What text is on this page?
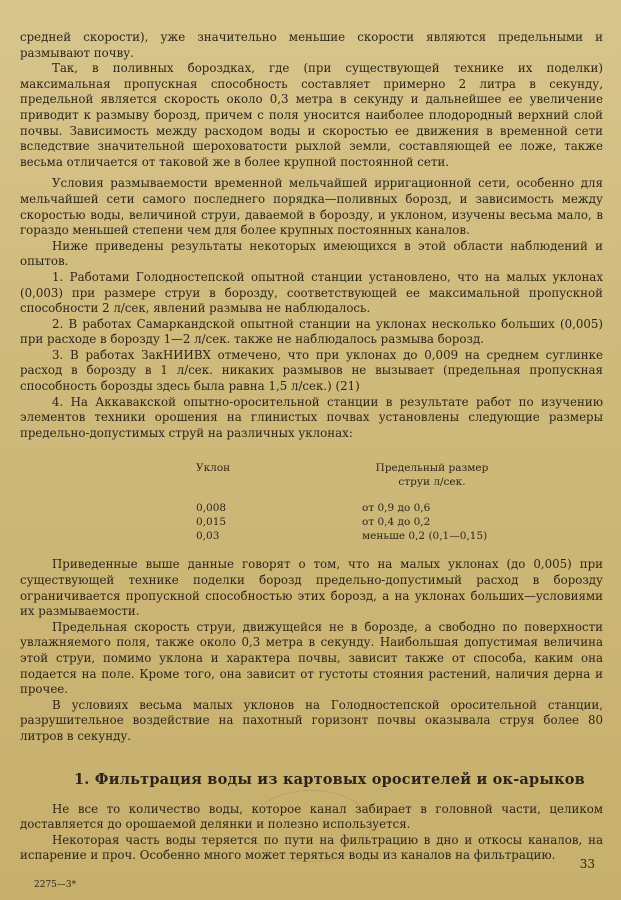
средней скорости), уже значительно меньшие скорости являются предельными и размывают почву.

Так, в поливных бороздках, где (при существующей технике их поделки) максимальная пропускная способность составляет примерно 2 литра в секунду, предельной является скорость около 0,3 метра в секунду и дальнейшее ее увеличение приводит к размыву борозд, причем с поля уносится наиболее плодородный верхний слой почвы. Зависимость между расходом воды и скоростью ее движения в временной сети вследствие значительной шероховатости рыхлой земли, составляющей ее ложе, также весьма отличается от таковой же в более крупной постоянной сети.

Условия размываемости временной мельчайшей ирригационной сети, особенно для мельчайшей сети самого последнего порядка—поливных борозд, и зависимость между скоростью воды, величиной струи, даваемой в борозду, и уклоном, изучены весьма мало, в гораздо меньшей степени чем для более крупных постоянных каналов.

Ниже приведены результаты некоторых имеющихся в этой области наблюдений и опытов.

1. Работами Голодностепской опытной станции установлено, что на малых уклонах (0,003) при размере струи в борозду, соответствующей ее максимальной пропускной способности 2 л/сек, явлений размыва не наблюдалось.

2. В работах Самаркандской опытной станции на уклонах несколько больших (0,005) при расходе в борозду 1—2 л/сек. также не наблюдалось размыва борозд.

3. В работах ЗакНИИВХ отмечено, что при уклонах до 0,009 на среднем суглинке расход в борозду в 1 л/сек. никаких размывов не вызывает (предельная пропускная способность борозды здесь была равна 1,5 л/сек.) (21)

4. На Аккавакской опытно-оросительной станции в результате работ по изучению элементов техники орошения на глинистых почвах установлены следующие размеры предельно-допустимых струй на различных уклонах:

Уклон	Предельный размер
струи л/сек.

0,008	от 0,9 до 0,6
0,015	от 0,4 до 0,2
0,03	меньше 0,2 (0,1—0,15)

Приведенные выше данные говорят о том, что на малых уклонах (до 0,005) при существующей технике поделки борозд предельно-допустимый расход в борозду ограничивается пропускной способностью этих борозд, а на уклонах больших—условиями их размываемости.

Предельная скорость струи, движущейся не в борозде, а свободно по поверхности увлажняемого поля, также около 0,3 метра в секунду. Наибольшая допустимая величина этой струи, помимо уклона и характера почвы, зависит также от способа, каким она подается на поле. Кроме того, она зависит от густоты стояния растений, наличия дерна и прочее.

В условиях весьма малых уклонов на Голодностепской оросительной станции, разрушительное воздействие на пахотный горизонт почвы оказывала струя более 80 литров в секунду.

1. Фильтрация воды из картовых оросителей и ок-арыков

Не все то количество воды, которое канал забирает в головной части, целиком доставляется до орошаемой делянки и полезно используется.

Некоторая часть воды теряется по пути на фильтрацию в дно и откосы каналов, на испарение и проч. Особенно много может теряться воды из каналов на фильтрацию.

33
2275—3*
